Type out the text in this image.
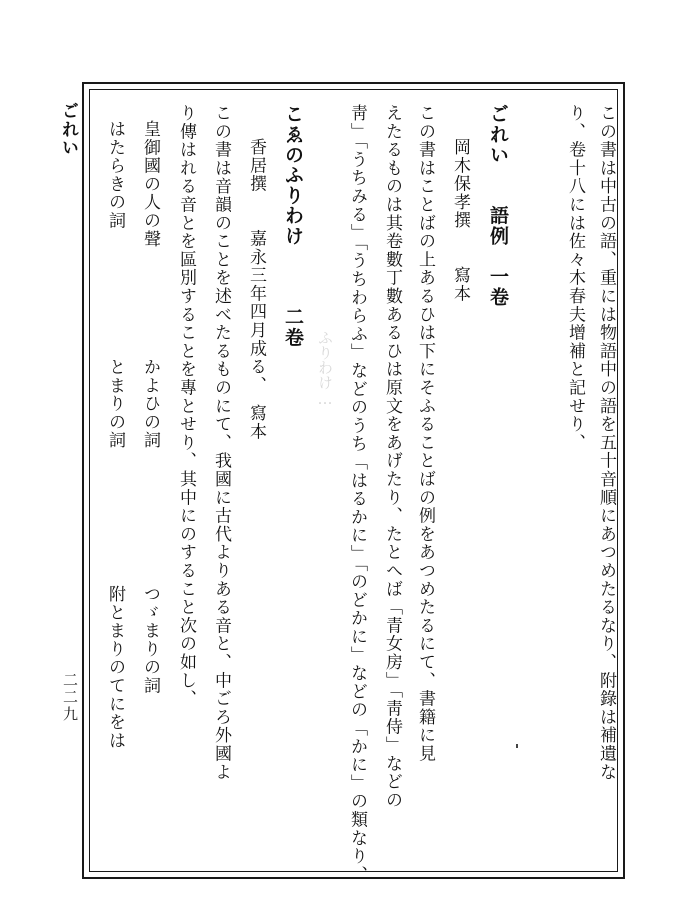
ふりわけ…
ごれい
二二九	この書は中古の語、重には物語中の語を五十音順にあつめたるなり、附錄は補遺な
り、卷十八には佐々木春夫增補と記せり、
ごれい　　語例　一卷
岡木保孝撰　　寫本
この書はことばの上あるひは下にそふることばの例をあつめたるにて、書籍に見
えたるものは其卷數丁數あるひは原文をあげたり、たとへば「青女房」「靑侍」などの
靑」「うちみる」「うちわらふ」などのうち「はるかに」「のどかに」などの「かに」の類なり、
こゑのふりわけ　　　二卷
香居撰　　嘉永三年四月成る、　寫本
この書は音韻のことを述べたるものにて、我國に古代よりある音と、中ごろ外國よ
り傳はれる音とを區別することを專とせり、其中にのすること次の如し、
皇御國の人の聲
かよひの詞
つゞまりの詞
はたらきの詞
とまりの詞
附とまりのてにをは
